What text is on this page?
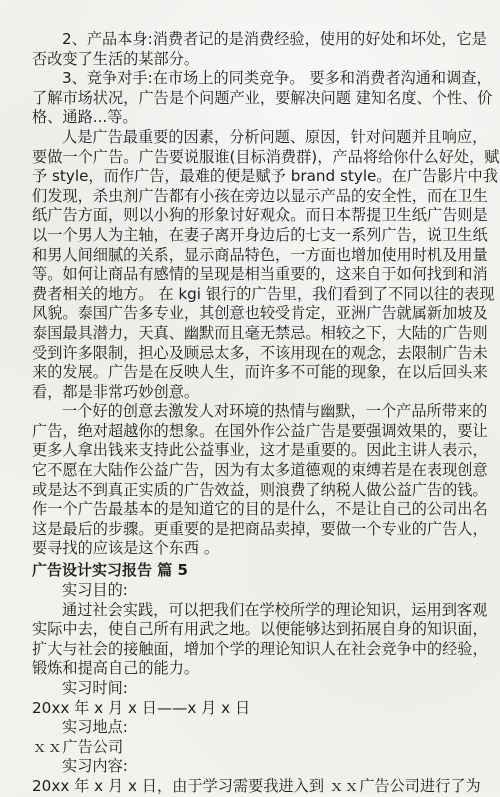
2、产品本身:消费者记的是消费经验，使用的好处和坏处，它是
否改变了生活的某部分。
3、竞争对手:在市场上的同类竞争。 要多和消费者沟通和调查，
了解市场状况，广告是个问题产业，要解决问题 建知名度、个性、价
格、通路...等。
人是广告最重要的因素，分析问题、原因，针对问题并且响应，
要做一个广告。广告要说服谁(目标消费群)，产品将给你什么好处，赋
予 style，而作广告，最难的便是赋予 brand style。在广告影片中我
们发现，杀虫剂广告都有小孩在旁边以显示产品的安全性，而在卫生
纸广告方面，则以小狗的形象讨好观众。而日本帮提卫生纸广告则是
以一个男人为主轴，在妻子离开身边后的七支一系列广告，说卫生纸
和男人间细腻的关系，显示商品特色，一方面也增加使用时机及用量
等。如何让商品有感情的呈现是相当重要的，这来自于如何找到和消
费者相关的地方。 在 kgi 银行的广告里，我们看到了不同以往的表现
风貌。泰国广告多专业，其创意也较受肯定，亚洲广告就属新加坡及
泰国最具潜力，天真、幽默而且毫无禁忌。相较之下，大陆的广告则
受到许多限制，担心及顾忌太多，不该用现在的观念，去限制广告未
来的发展。广告是在反映人生，而许多不可能的现象，在以后回头来
看，都是非常巧妙创意。
一个好的创意去激发人对环境的热情与幽默，一个产品所带来的
广告，绝对超越你的想象。在国外作公益广告是要强调效果的，要让
更多人拿出钱来支持此公益事业，这才是重要的。因此主讲人表示，
它不愿在大陆作公益广告，因为有太多道德观的束缚若是在表现创意
或是达不到真正实质的广告效益，则浪费了纳税人做公益广告的钱。
作一个广告最基本的是知道它的目的是什么，不是让自己的公司出名
这是最后的步骤。更重要的是把商品卖掉，要做一个专业的广告人，
要寻找的应该是这个东西 。
广告设计实习报告 篇 5
实习目的:
通过社会实践，可以把我们在学校所学的理论知识，运用到客观
实际中去，使自己所有用武之地。以便能够达到拓展自身的知识面，
扩大与社会的接触面，增加个学的理论知识人在社会竞争中的经验，
锻炼和提高自己的能力。
实习时间:
20xx 年 x 月 x 日——x 月 x 日
实习地点:
ｘｘ广告公司
实习内容:
20xx 年 x 月 x 日，由于学习需要我进入到 ｘｘ广告公司进行了为
